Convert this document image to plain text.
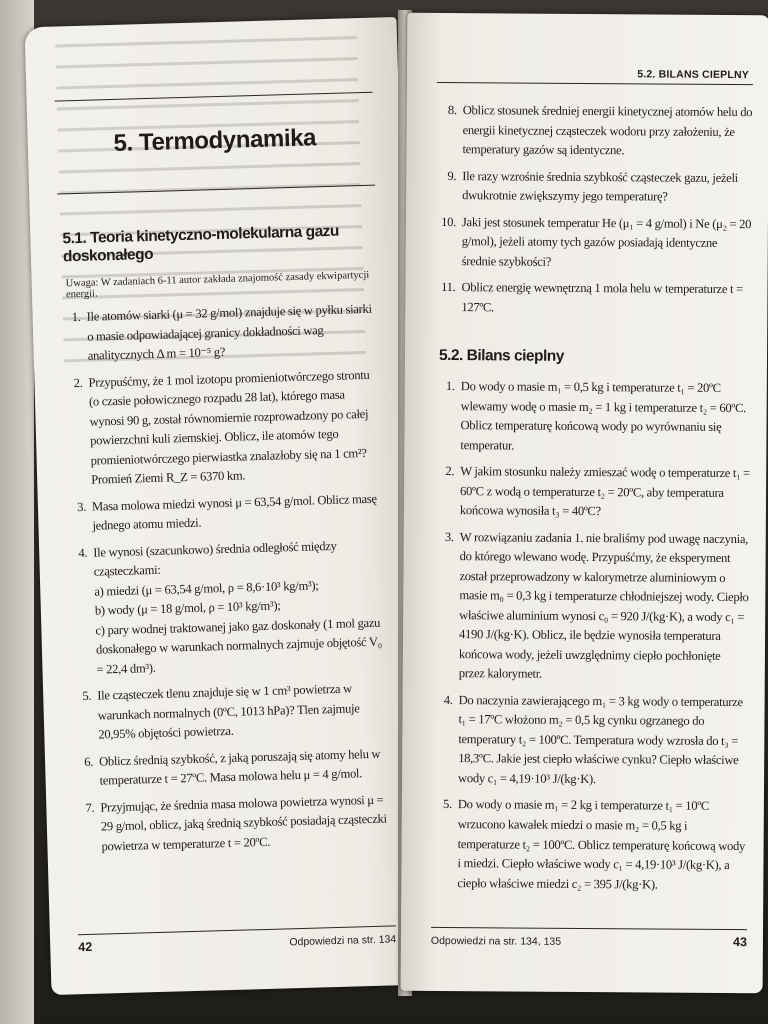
5. Termodynamika
5.1. Teoria kinetyczno-molekularna gazu doskonałego
Uwaga: W zadaniach 6-11 autor zakłada znajomość zasady ekwipartycji energii.
1. Ile atomów siarki (μ = 32 g/mol) znajduje się w pyłku siarki o masie odpowiadającej granicy dokładności wag analitycznych Δ m = 10⁻⁵ g?
2. Przypuśćmy, że 1 mol izotopu promieniotwórczego strontu (o czasie połowicznego rozpadu 28 lat), którego masa wynosi 90 g, został równomiernie rozprowadzony po całej powierzchni kuli ziemskiej. Oblicz, ile atomów tego promieniotwórczego pierwiastka znalazłoby się na 1 cm²? Promień Ziemi R_Z = 6370 km.
3. Masa molowa miedzi wynosi μ = 63,54 g/mol. Oblicz masę jednego atomu miedzi.
4. Ile wynosi (szacunkowo) średnia odległość między cząsteczkami:
a) miedzi (μ = 63,54 g/mol, ρ = 8,6·10³ kg/m³);
b) wody (μ = 18 g/mol, ρ = 10³ kg/m³);
c) pary wodnej traktowanej jako gaz doskonały (1 mol gazu doskonałego w warunkach normalnych zajmuje objętość V₀ = 22,4 dm³).
5. Ile cząsteczek tlenu znajduje się w 1 cm³ powietrza w warunkach normalnych (0ºC, 1013 hPa)? Tlen zajmuje 20,95% objętości powietrza.
6. Oblicz średnią szybkość, z jaką poruszają się atomy helu w temperaturze t = 27ºC. Masa molowa helu μ = 4 g/mol.
7. Przyjmując, że średnia masa molowa powietrza wynosi μ = 29 g/mol, oblicz, jaką średnią szybkość posiadają cząsteczki powietrza w temperaturze t = 20ºC.
42	Odpowiedzi na str. 134
5.2. BILANS CIEPLNY
8. Oblicz stosunek średniej energii kinetycznej atomów helu do energii kinetycznej cząsteczek wodoru przy założeniu, że temperatury gazów są identyczne.
9. Ile razy wzrośnie średnia szybkość cząsteczek gazu, jeżeli dwukrotnie zwiększymy jego temperaturę?
10. Jaki jest stosunek temperatur He (μ₁ = 4 g/mol) i Ne (μ₂ = 20 g/mol), jeżeli atomy tych gazów posiadają identyczne średnie szybkości?
11. Oblicz energię wewnętrzną 1 mola helu w temperaturze t = 127ºC.
5.2. Bilans cieplny
1. Do wody o masie m₁ = 0,5 kg i temperaturze t₁ = 20ºC wlewamy wodę o masie m₂ = 1 kg i temperaturze t₂ = 60ºC. Oblicz temperaturę końcową wody po wyrównaniu się temperatur.
2. W jakim stosunku należy zmieszać wodę o temperaturze t₁ = 60ºC z wodą o temperaturze t₂ = 20ºC, aby temperatura końcowa wynosiła t₃ = 40ºC?
3. W rozwiązaniu zadania 1. nie braliśmy pod uwagę naczynia, do którego wlewano wodę. Przypuśćmy, że eksperyment został przeprowadzony w kalorymetrze aluminiowym o masie m₀ = 0,3 kg i temperaturze chłodniejszej wody. Ciepło właściwe aluminium wynosi c₀ = 920 J/(kg·K), a wody c₁ = 4190 J/(kg·K). Oblicz, ile będzie wynosiła temperatura końcowa wody, jeżeli uwzględnimy ciepło pochłonięte przez kalorymetr.
4. Do naczynia zawierającego m₁ = 3 kg wody o temperaturze t₁ = 17ºC włożono m₂ = 0,5 kg cynku ogrzanego do temperatury t₂ = 100ºC. Temperatura wody wzrosła do t₃ = 18,3ºC. Jakie jest ciepło właściwe cynku? Ciepło właściwe wody c₁ = 4,19·10³ J/(kg·K).
5. Do wody o masie m₁ = 2 kg i temperaturze t₁ = 10ºC wrzucono kawałek miedzi o masie m₂ = 0,5 kg i temperaturze t₂ = 100ºC. Oblicz temperaturę końcową wody i miedzi. Ciepło właściwe wody c₁ = 4,19·10³ J/(kg·K), a ciepło właściwe miedzi c₂ = 395 J/(kg·K).
Odpowiedzi na str. 134, 135	43
